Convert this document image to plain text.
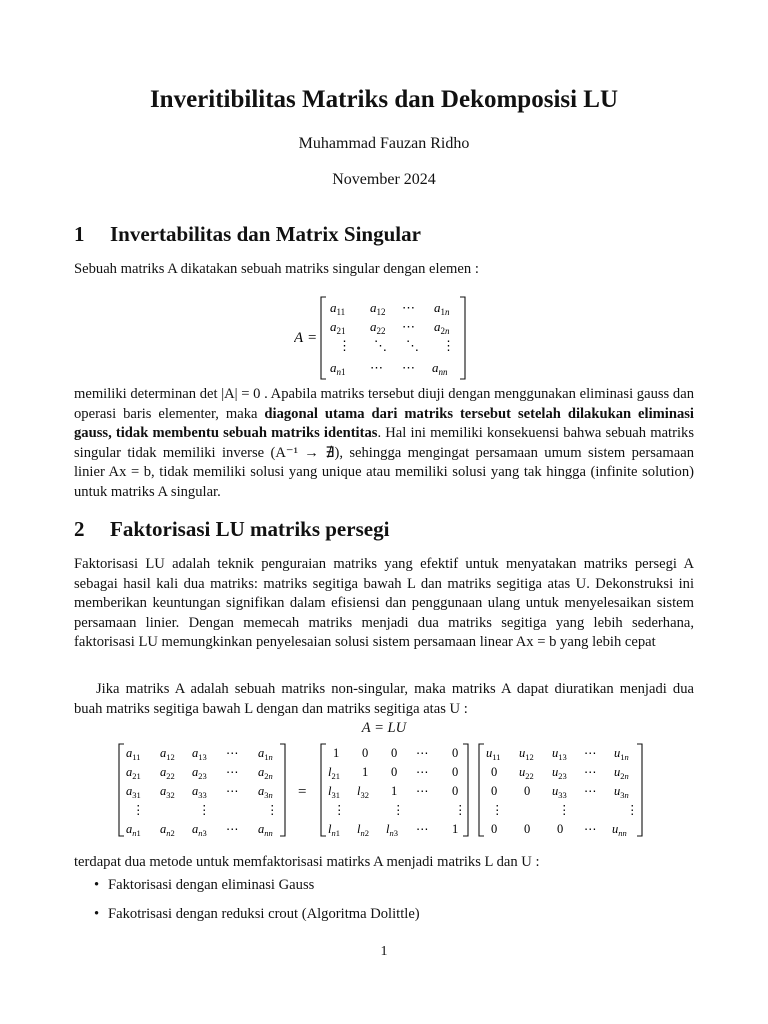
Inveritibilitas Matriks dan Dekomposisi LU
Muhammad Fauzan Ridho
November 2024
1 Invertabilitas dan Matrix Singular
Sebuah matriks A dikatakan sebuah matriks singular dengan elemen :
A =
$a_{11}$ $a_{12}$ ⋯ $a_{1n}$
$a_{21}$ $a_{22}$ ⋯ $a_{2n}$
⋮ ⋱ ⋱ ⋮
$a_{n1}$ ⋯ ⋯ $a_{nn}$
memiliki determinan det |A| = 0 . Apabila matriks tersebut diuji dengan menggunakan eliminasi gauss dan operasi baris elementer, maka diagonal utama dari matriks tersebut setelah dilakukan eliminasi gauss, tidak membentu sebuah matriks identitas. Hal ini memiliki konsekuensi bahwa sebuah matriks singular tidak memiliki inverse (A⁻¹ → ∄), sehingga mengingat persamaan umum sistem persamaan linier Ax = b, tidak memiliki solusi yang unique atau memiliki solusi yang tak hingga (infinite solution) untuk matriks A singular.
2 Faktorisasi LU matriks persegi
Faktorisasi LU adalah teknik penguraian matriks yang efektif untuk menyatakan matriks persegi A sebagai hasil kali dua matriks: matriks segitiga bawah L dan matriks segitiga atas U. Dekonstruksi ini memberikan keuntungan signifikan dalam efisiensi dan penggunaan ulang untuk menyelesaikan sistem persamaan linier. Dengan memecah matriks menjadi dua matriks segitiga yang lebih sederhana, faktorisasi LU memungkinkan penyelesaian solusi sistem persamaan linear Ax = b yang lebih cepat
Jika matriks A adalah sebuah matriks non-singular, maka matriks A dapat diuratikan menjadi dua buah matriks segitiga bawah L dengan dan matriks segitiga atas U :
A = LU
$a_{11}$ $a_{12}$ $a_{13}$ ⋯ $a_{1n}$
$a_{21}$ $a_{22}$ $a_{23}$ ⋯ $a_{2n}$
$a_{31}$ $a_{32}$ $a_{33}$ ⋯ $a_{3n}$
⋮	⋮	⋮
$a_{n1}$ $a_{n2}$ $a_{n3}$ ⋯ $a_{nn}$
=
1 0 0 ⋯ 0
$l_{21}$ 1 0 ⋯ 0
$l_{31}$ $l_{32}$ 1 ⋯ 0
⋮	⋮	⋮
$l_{n1}$ $l_{n2}$ $l_{n3}$ ⋯ 1
$u_{11}$ $u_{12}$ $u_{13}$ ⋯ $u_{1n}$
0 $u_{22}$ $u_{23}$ ⋯ $u_{2n}$
0 0 $u_{33}$ ⋯ $u_{3n}$
⋮	⋮	⋮
0 0 0 ⋯ $u_{nn}$
terdapat dua metode untuk memfaktorisasi matirks A menjadi matriks L dan U :
• Faktorisasi dengan eliminasi Gauss
• Fakotrisasi dengan reduksi crout (Algoritma Dolittle)
1
